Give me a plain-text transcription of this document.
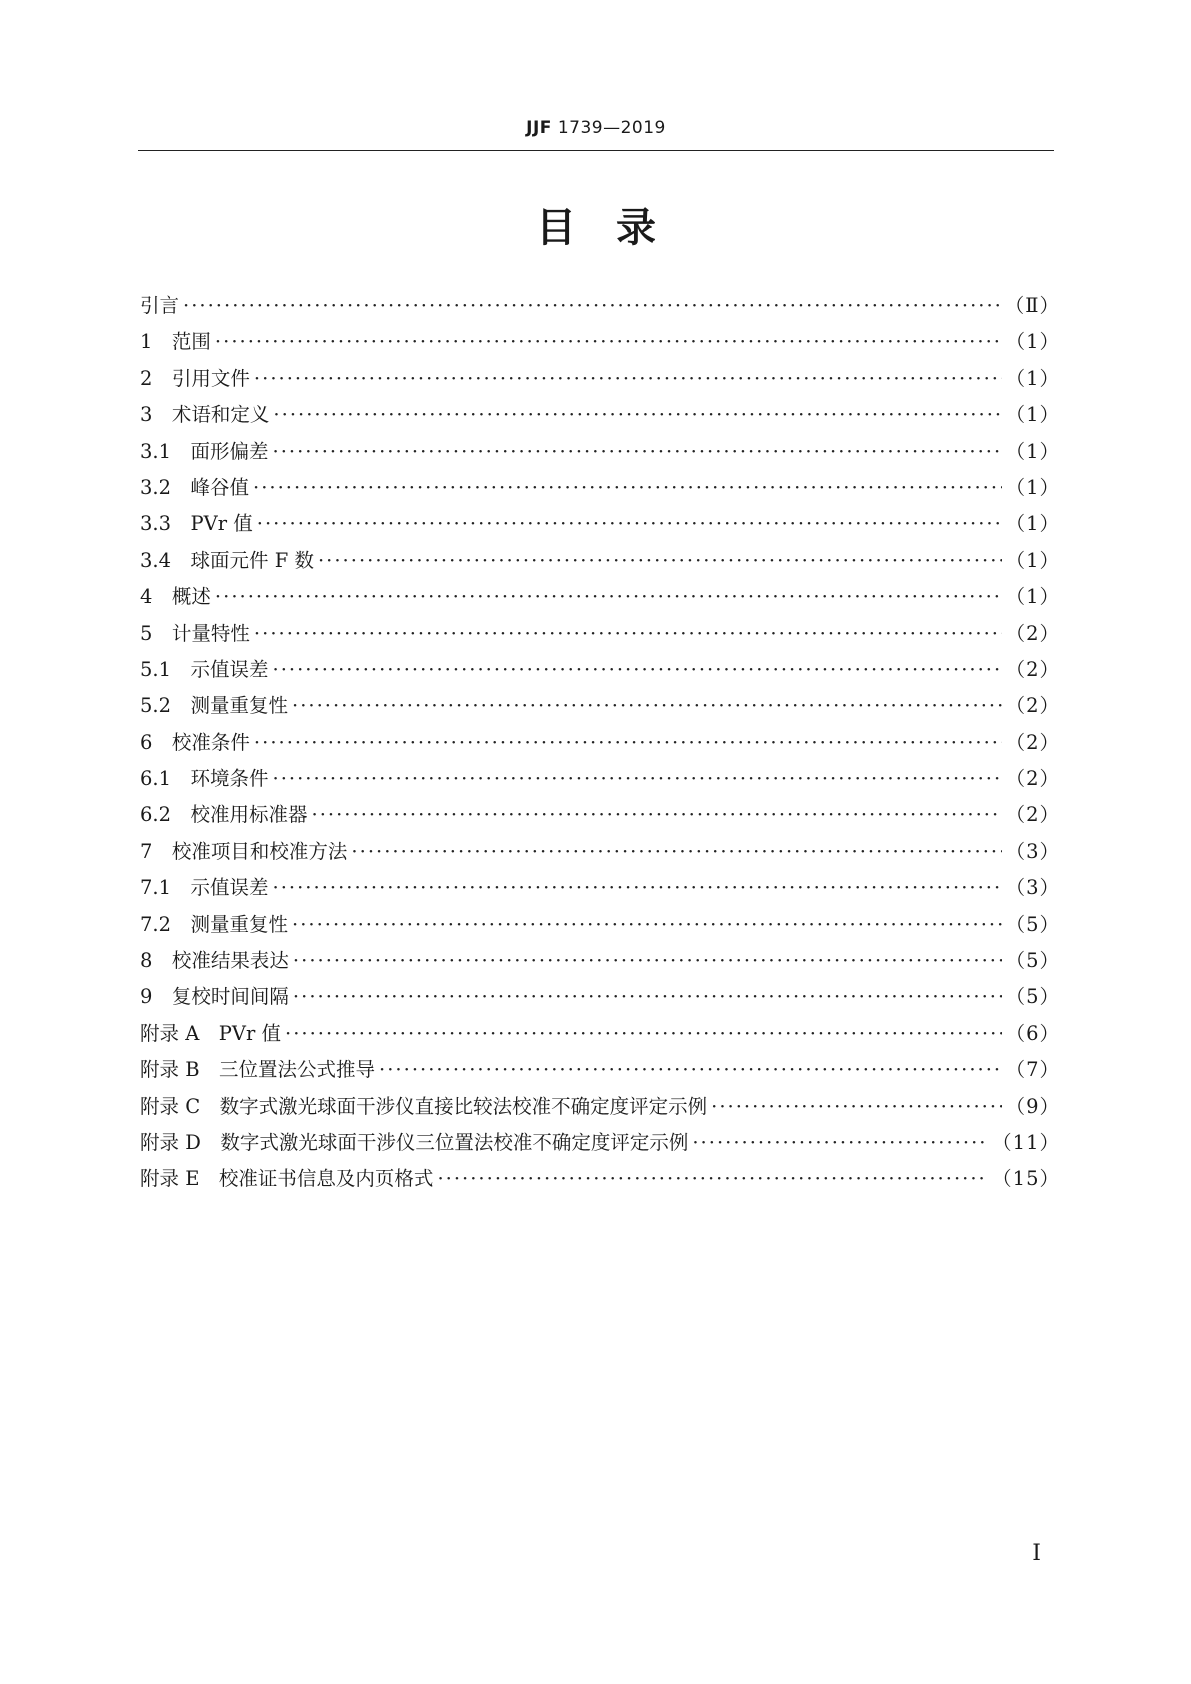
JJF 1739—2019
目　录
引言 ·····	（Ⅱ）
1　范围 ·····	（1）
2　引用文件 ·····	（1）
3　术语和定义 ·····	（1）
3.1　面形偏差 ·····	（1）
3.2　峰谷值 ·····	（1）
3.3　PVr 值 ·····	（1）
3.4　球面元件 F 数 ·····	（1）
4　概述 ·····	（1）
5　计量特性 ·····	（2）
5.1　示值误差 ·····	（2）
5.2　测量重复性 ·····	（2）
6　校准条件 ·····	（2）
6.1　环境条件 ·····	（2）
6.2　校准用标准器 ·····	（2）
7　校准项目和校准方法 ·····	（3）
7.1　示值误差 ·····	（3）
7.2　测量重复性 ·····	（5）
8　校准结果表达 ·····	（5）
9　复校时间间隔 ·····	（5）
附录 A　PVr 值 ·····	（6）
附录 B　三位置法公式推导 ·····	（7）
附录 C　数字式激光球面干涉仪直接比较法校准不确定度评定示例 ·····	（9）
附录 D　数字式激光球面干涉仪三位置法校准不确定度评定示例 ·····	（11）
附录 E　校准证书信息及内页格式 ·····	（15）
Ⅰ
